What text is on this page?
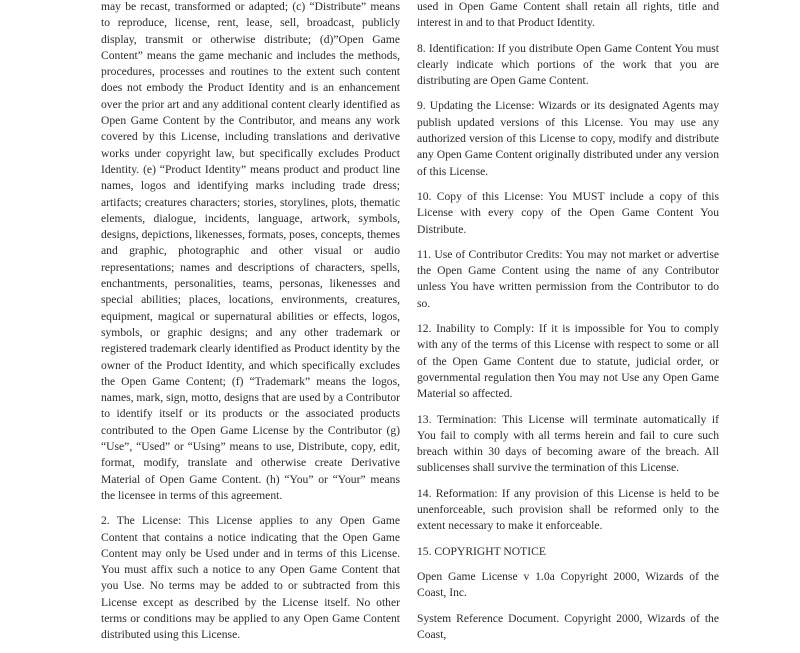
may be recast, transformed or adapted; (c) “Distribute” means to reproduce, license, rent, lease, sell, broadcast, publicly display, transmit or otherwise distribute; (d)”Open Game Content” means the game mechanic and includes the methods, procedures, processes and routines to the extent such content does not embody the Product Identity and is an enhancement over the prior art and any additional content clearly identified as Open Game Content by the Contributor, and means any work covered by this License, including translations and derivative works under copyright law, but specifically excludes Product Identity. (e) “Product Identity” means product and product line names, logos and identifying marks including trade dress; artifacts; creatures characters; stories, storylines, plots, thematic elements, dialogue, incidents, language, artwork, symbols, designs, depictions, likenesses, formats, poses, concepts, themes and graphic, photographic and other visual or audio representations; names and descriptions of characters, spells, enchantments, personalities, teams, personas, likenesses and special abilities; places, locations, environments, creatures, equipment, magical or supernatural abilities or effects, logos, symbols, or graphic designs; and any other trademark or registered trademark clearly identified as Product identity by the owner of the Product Identity, and which specifically excludes the Open Game Content; (f) “Trademark” means the logos, names, mark, sign, motto, designs that are used by a Contributor to identify itself or its products or the associated products contributed to the Open Game License by the Contributor (g) “Use”, “Used” or “Using” means to use, Distribute, copy, edit, format, modify, translate and otherwise create Derivative Material of Open Game Content. (h) “You” or “Your” means the licensee in terms of this agreement.

2. The License: This License applies to any Open Game Content that contains a notice indicating that the Open Game Content may only be Used under and in terms of this License. You must affix such a notice to any Open Game Content that you Use. No terms may be added to or subtracted from this License except as described by the License itself. No other terms or conditions may be applied to any Open Game Content distributed using this License.

used in Open Game Content shall retain all rights, title and interest in and to that Product Identity.

8. Identification: If you distribute Open Game Content You must clearly indicate which portions of the work that you are distributing are Open Game Content.

9. Updating the License: Wizards or its designated Agents may publish updated versions of this License. You may use any authorized version of this License to copy, modify and distribute any Open Game Content originally distributed under any version of this License.

10. Copy of this License: You MUST include a copy of this License with every copy of the Open Game Content You Distribute.

11. Use of Contributor Credits: You may not market or advertise the Open Game Content using the name of any Contributor unless You have written permission from the Contributor to do so.

12. Inability to Comply: If it is impossible for You to comply with any of the terms of this License with respect to some or all of the Open Game Content due to statute, judicial order, or governmental regulation then You may not Use any Open Game Material so affected.

13. Termination: This License will terminate automatically if You fail to comply with all terms herein and fail to cure such breach within 30 days of becoming aware of the breach. All sublicenses shall survive the termination of this License.

14. Reformation: If any provision of this License is held to be unenforceable, such provision shall be reformed only to the extent necessary to make it enforceable.

15. COPYRIGHT NOTICE

Open Game License v 1.0a Copyright 2000, Wizards of the Coast, Inc.

System Reference Document. Copyright 2000, Wizards of the Coast,
